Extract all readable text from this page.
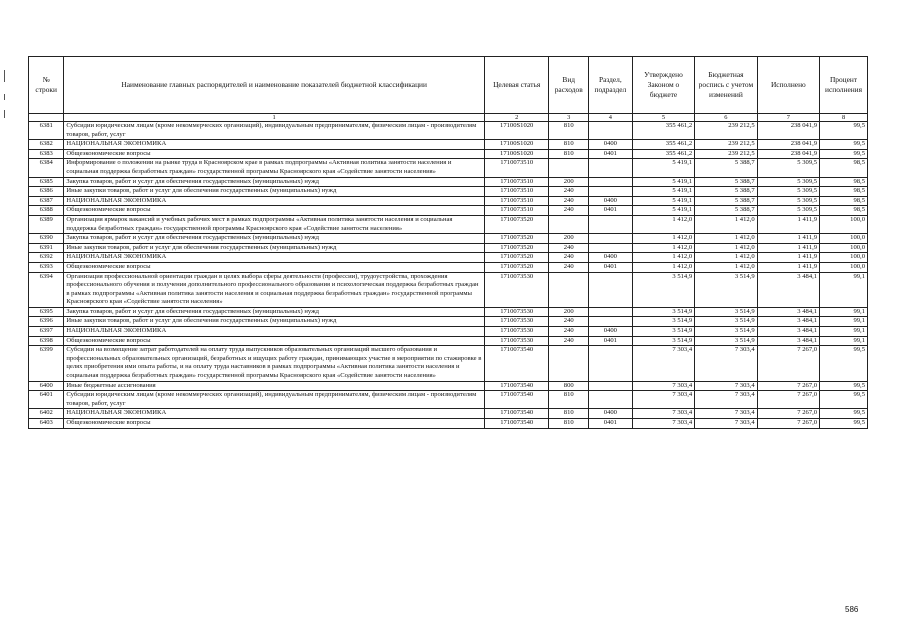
№ строки	Наименование главных распорядителей и наименование показателей бюджетной классификации	Целевая статья	Вид расходов	Раздел, подраздел	Утверждено Законом о бюджете	Бюджетная роспись с учетом изменений	Исполнено	Процент исполнения
	1	2	3	4	5	6	7	8
6381	Субсидии юридическим лицам (кроме некоммерческих организаций), индивидуальным предпринимателям, физическим лицам - производителям товаров, работ, услуг	17100S1020	810		355 461,2	239 212,5	238 041,9	99,5
6382	НАЦИОНАЛЬНАЯ ЭКОНОМИКА	17100S1020	810	0400	355 461,2	239 212,5	238 041,9	99,5
6383	Общеэкономические вопросы	17100S1020	810	0401	355 461,2	239 212,5	238 041,9	99,5
6384	Информирование о положении на рынке труда в Красноярском крае в рамках подпрограммы «Активная политика занятости населения и социальная поддержка безработных граждан» государственной программы Красноярского края «Содействие занятости населения»	1710073510			5 419,1	5 388,7	5 309,5	98,5
6385	Закупка товаров, работ и услуг для обеспечения государственных (муниципальных) нужд	1710073510	200		5 419,1	5 388,7	5 309,5	98,5
6386	Иные закупки товаров, работ и услуг для обеспечения государственных (муниципальных) нужд	1710073510	240		5 419,1	5 388,7	5 309,5	98,5
6387	НАЦИОНАЛЬНАЯ ЭКОНОМИКА	1710073510	240	0400	5 419,1	5 388,7	5 309,5	98,5
6388	Общеэкономические вопросы	1710073510	240	0401	5 419,1	5 388,7	5 309,5	98,5
6389	Организация ярмарок вакансий и учебных рабочих мест в рамках подпрограммы «Активная политика занятости населения и социальная поддержка безработных граждан» государственной программы Красноярского края «Содействие занятости населения»	1710073520			1 412,0	1 412,0	1 411,9	100,0
6390	Закупка товаров, работ и услуг для обеспечения государственных (муниципальных) нужд	1710073520	200		1 412,0	1 412,0	1 411,9	100,0
6391	Иные закупки товаров, работ и услуг для обеспечения государственных (муниципальных) нужд	1710073520	240		1 412,0	1 412,0	1 411,9	100,0
6392	НАЦИОНАЛЬНАЯ ЭКОНОМИКА	1710073520	240	0400	1 412,0	1 412,0	1 411,9	100,0
6393	Общеэкономические вопросы	1710073520	240	0401	1 412,0	1 412,0	1 411,9	100,0
6394	Организация профессиональной ориентации граждан в целях выбора сферы деятельности (профессии), трудоустройства, прохождения профессионального обучения и получения дополнительного профессионального образования и психологическая поддержка безработных граждан в рамках подпрограммы «Активная политика занятости населения и социальная поддержка безработных граждан» государственной программы Красноярского края «Содействие занятости населения»	1710073530			3 514,9	3 514,9	3 484,1	99,1
6395	Закупка товаров, работ и услуг для обеспечения государственных (муниципальных) нужд	1710073530	200		3 514,9	3 514,9	3 484,1	99,1
6396	Иные закупки товаров, работ и услуг для обеспечения государственных (муниципальных) нужд	1710073530	240		3 514,9	3 514,9	3 484,1	99,1
6397	НАЦИОНАЛЬНАЯ ЭКОНОМИКА	1710073530	240	0400	3 514,9	3 514,9	3 484,1	99,1
6398	Общеэкономические вопросы	1710073530	240	0401	3 514,9	3 514,9	3 484,1	99,1
6399	Субсидии на возмещение затрат работодателей на оплату труда выпускников образовательных организаций высшего образования и профессиональных образовательных организаций, безработных и ищущих работу граждан, принимающих участие в мероприятии по стажировке в целях приобретения ими опыта работы, и на оплату труда наставников в рамках подпрограммы «Активная политика занятости населения и социальная поддержка безработных граждан» государственной программы Красноярского края «Содействие занятости населения»	1710073540			7 303,4	7 303,4	7 267,0	99,5
6400	Иные бюджетные ассигнования	1710073540	800		7 303,4	7 303,4	7 267,0	99,5
6401	Субсидии юридическим лицам (кроме некоммерческих организаций), индивидуальным предпринимателям, физическим лицам - производителям товаров, работ, услуг	1710073540	810		7 303,4	7 303,4	7 267,0	99,5
6402	НАЦИОНАЛЬНАЯ ЭКОНОМИКА	1710073540	810	0400	7 303,4	7 303,4	7 267,0	99,5
6403	Общеэкономические вопросы	1710073540	810	0401	7 303,4	7 303,4	7 267,0	99,5
586
